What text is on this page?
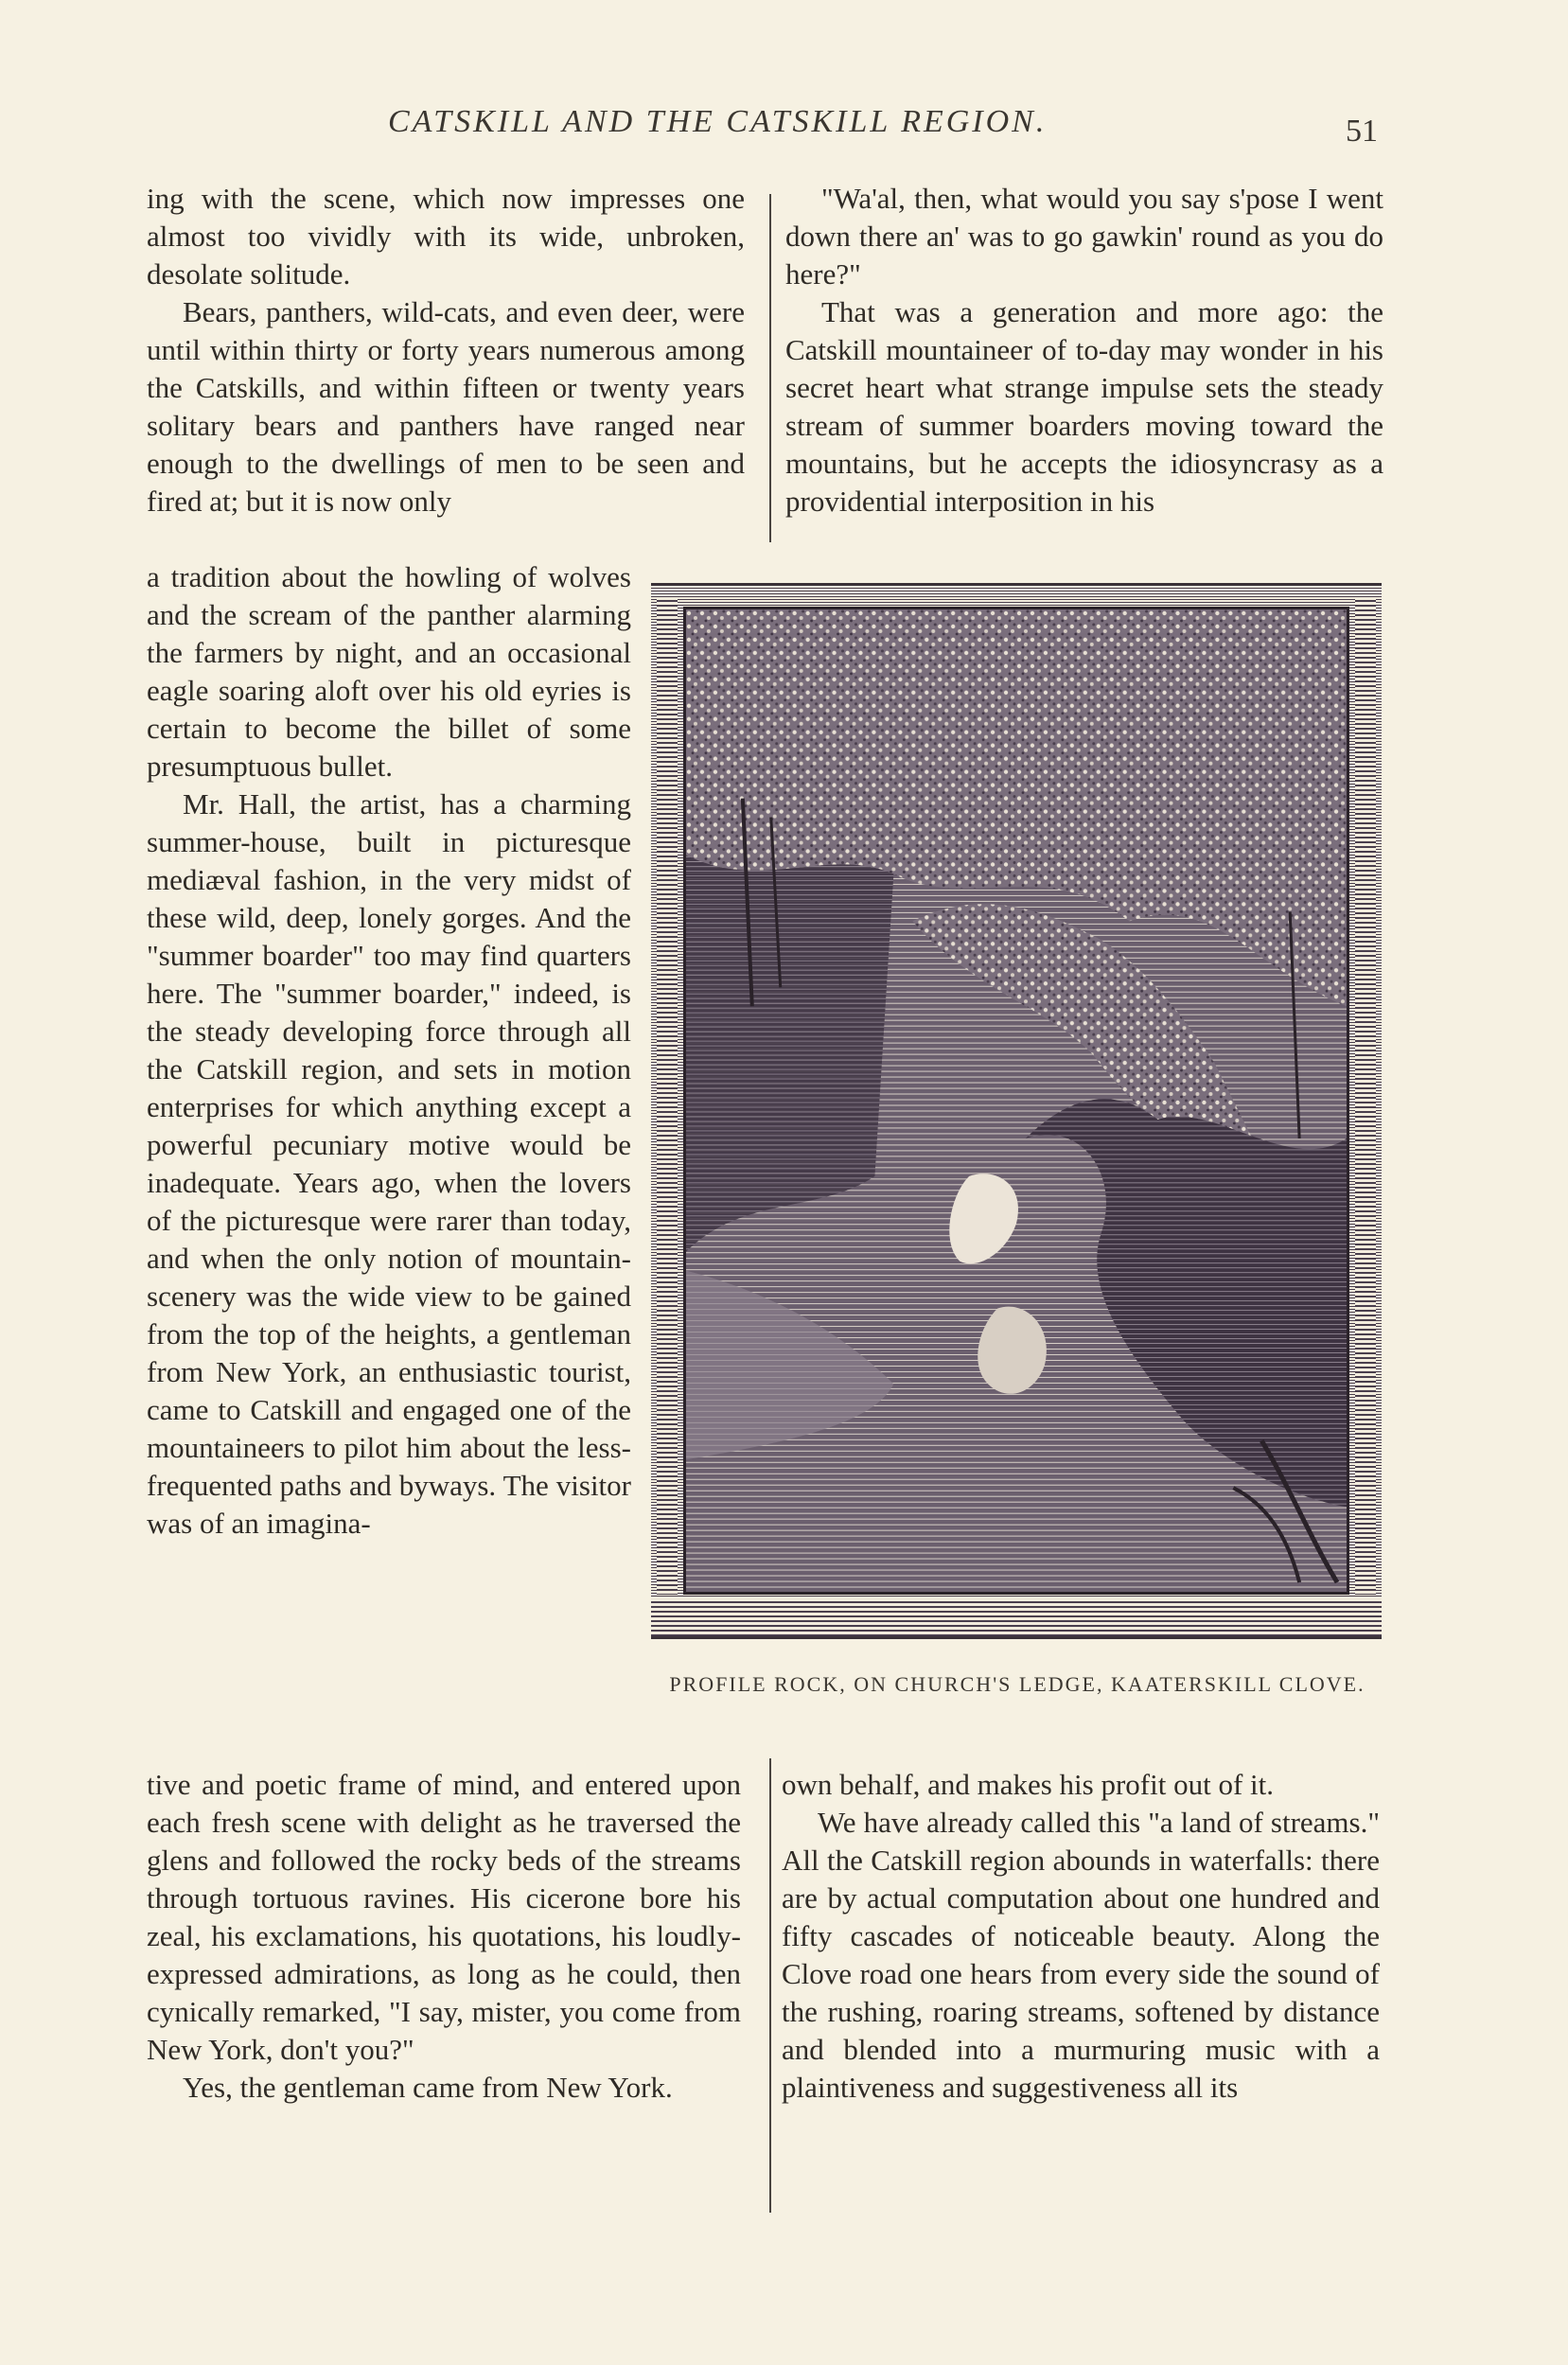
CATSKILL AND THE CATSKILL REGION.	51

ing with the scene, which now impresses one almost too vividly with its wide, unbroken, desolate solitude.

Bears, panthers, wild-cats, and even deer, were until within thirty or forty years numerous among the Catskills, and within fifteen or twenty years solitary bears and panthers have ranged near enough to the dwellings of men to be seen and fired at; but it is now only

a tradition about the howling of wolves and the scream of the panther alarming the farmers by night, and an occasional eagle soaring aloft over his old eyries is certain to become the billet of some presumptuous bullet.

Mr. Hall, the artist, has a charming summer-house, built in picturesque mediæval fashion, in the very midst of these wild, deep, lonely gorges. And the "summer boarder" too may find quarters here. The "summer boarder," indeed, is the steady developing force through all the Catskill region, and sets in motion enterprises for which anything except a powerful pecuniary motive would be inadequate. Years ago, when the lovers of the picturesque were rarer than today, and when the only notion of mountain-scenery was the wide view to be gained from the top of the heights, a gentleman from New York, an enthusiastic tourist, came to Catskill and engaged one of the mountaineers to pilot him about the less-frequented paths and byways. The visitor was of an imagina-

tive and poetic frame of mind, and entered upon each fresh scene with delight as he traversed the glens and followed the rocky beds of the streams through tortuous ravines. His cicerone bore his zeal, his exclamations, his quotations, his loudly-expressed admirations, as long as he could, then cynically remarked, "I say, mister, you come from New York, don't you?"

Yes, the gentleman came from New York.

"Wa'al, then, what would you say s'pose I went down there an' was to go gawkin' round as you do here?"

That was a generation and more ago: the Catskill mountaineer of to-day may wonder in his secret heart what strange impulse sets the steady stream of summer boarders moving toward the mountains, but he accepts the idiosyncrasy as a providential interposition in his

PROFILE ROCK, ON CHURCH'S LEDGE, KAATERSKILL CLOVE.

own behalf, and makes his profit out of it.

We have already called this "a land of streams." All the Catskill region abounds in waterfalls: there are by actual computation about one hundred and fifty cascades of noticeable beauty. Along the Clove road one hears from every side the sound of the rushing, roaring streams, softened by distance and blended into a murmuring music with a plaintiveness and suggestiveness all its
